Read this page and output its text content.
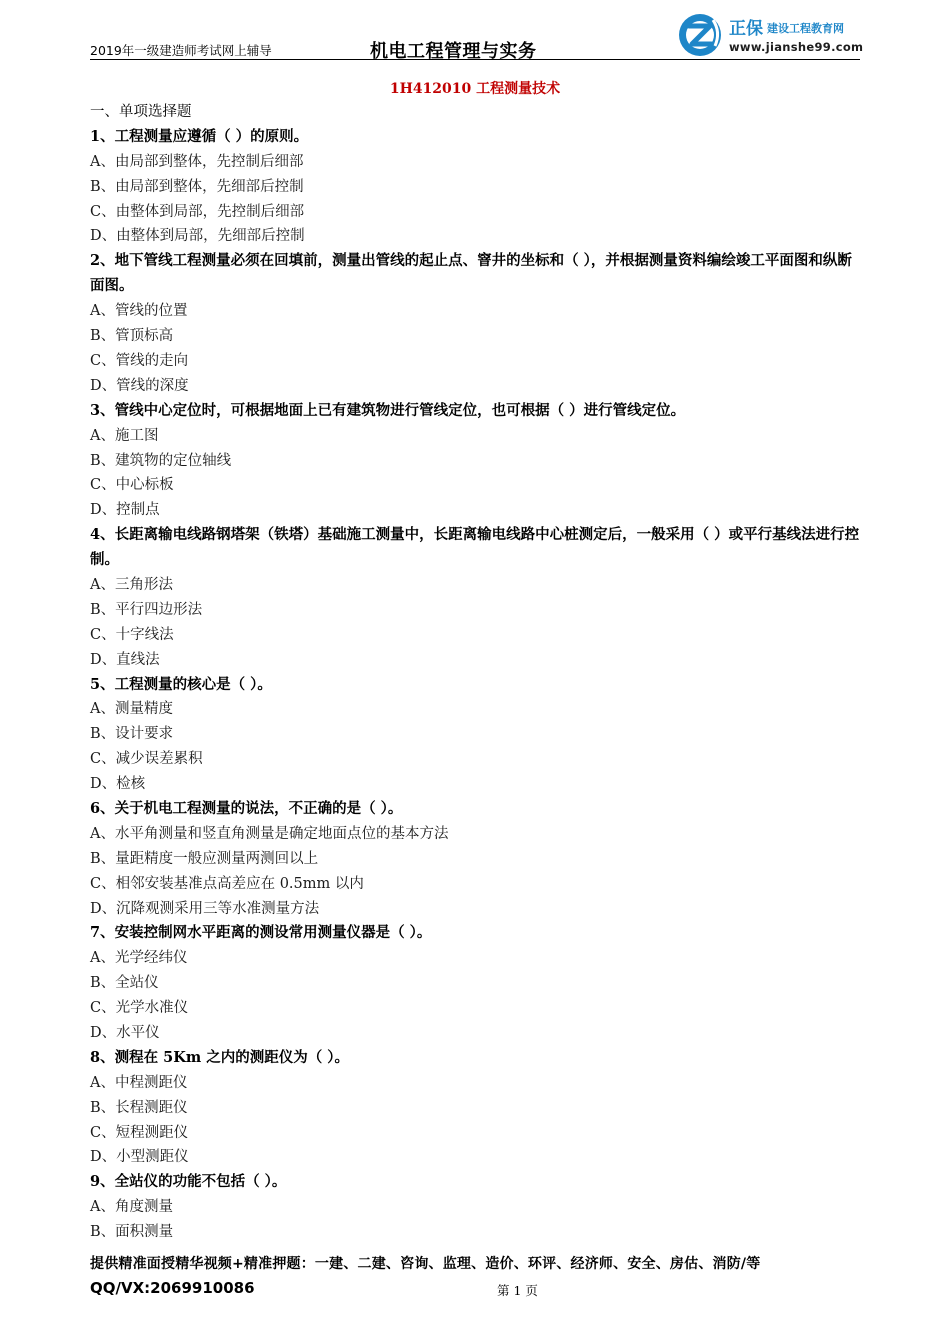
2019年一级建造师考试网上辅导	机电工程管理与实务
正保 建设工程教育网
www.jianshe99.com
1H412010 工程测量技术
一、单项选择题
1、工程测量应遵循（ ）的原则。
A、由局部到整体，先控制后细部
B、由局部到整体，先细部后控制
C、由整体到局部，先控制后细部
D、由整体到局部，先细部后控制
2、地下管线工程测量必须在回填前，测量出管线的起止点、窨井的坐标和（ ），并根据测量资料编绘竣工平面图和纵断面图。
A、管线的位置
B、管顶标高
C、管线的走向
D、管线的深度
3、管线中心定位时，可根据地面上已有建筑物进行管线定位，也可根据（ ）进行管线定位。
A、施工图
B、建筑物的定位轴线
C、中心标板
D、控制点
4、长距离输电线路钢塔架（铁塔）基础施工测量中，长距离输电线路中心桩测定后，一般采用（ ）或平行基线法进行控制。
A、三角形法
B、平行四边形法
C、十字线法
D、直线法
5、工程测量的核心是（ ）。
A、测量精度
B、设计要求
C、减少误差累积
D、检核
6、关于机电工程测量的说法，不正确的是（ ）。
A、水平角测量和竖直角测量是确定地面点位的基本方法
B、量距精度一般应测量两测回以上
C、相邻安装基准点高差应在 0.5mm 以内
D、沉降观测采用三等水准测量方法
7、安装控制网水平距离的测设常用测量仪器是（ ）。
A、光学经纬仪
B、全站仪
C、光学水准仪
D、水平仪
8、测程在 5Km 之内的测距仪为（ ）。
A、中程测距仪
B、长程测距仪
C、短程测距仪
D、小型测距仪
9、全站仪的功能不包括（ ）。
A、角度测量
B、面积测量
提供精准面授精华视频+精准押题：一建、二建、咨询、监理、造价、环评、经济师、安全、房估、消防/等
QQ/VX:2069910086	第 1 页
